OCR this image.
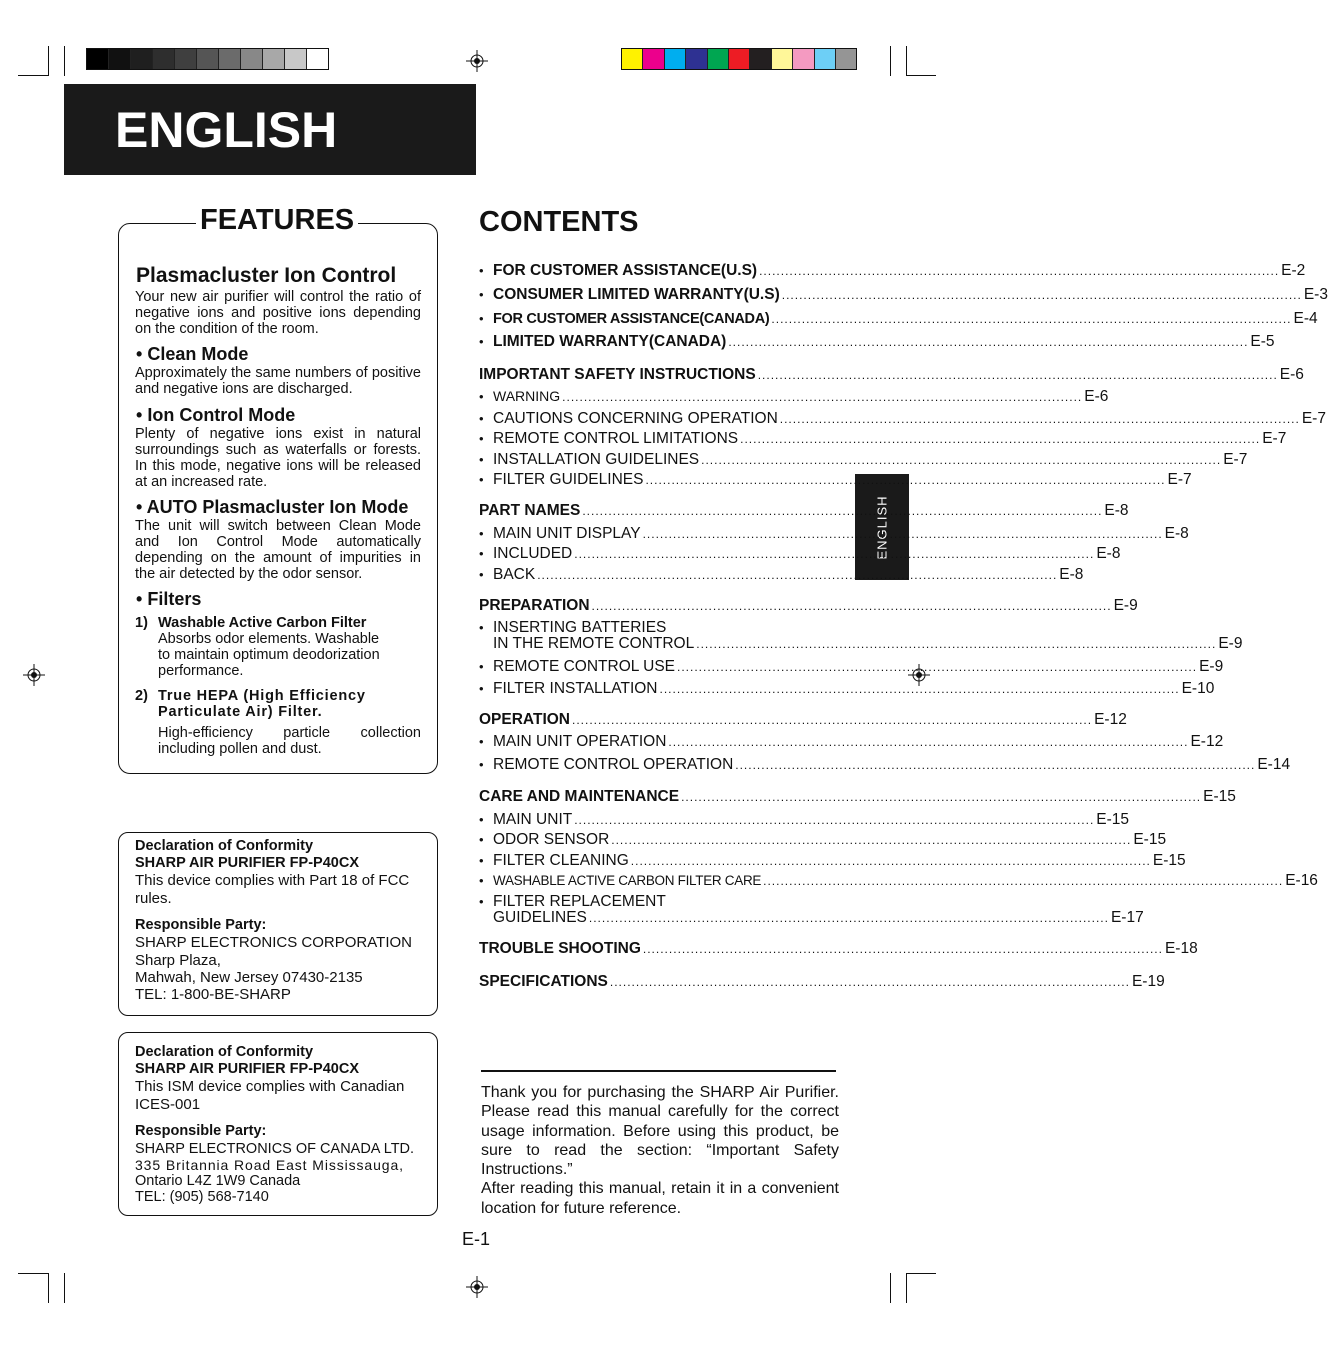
ENGLISH
ENGLISH
FEATURES
Plasmacluster Ion Control
Your new air purifier will control the ratio of negative ions and positive ions depending on the condition of the room.
• Clean Mode
Approximately the same numbers of positive and negative ions are discharged.
• Ion Control Mode
Plenty of negative ions exist in natural surroundings such as waterfalls or forests. In this mode, negative ions will be released at an increased rate.
• AUTO Plasmacluster Ion Mode
The unit will switch between Clean Mode and Ion Control Mode automatically depending on the amount of impurities in the air detected by the odor sensor.
• Filters
1) Washable Active Carbon Filter
Absorbs odor elements. Washable to maintain optimum deodorization performance.
2) True HEPA (High Efficiency Particulate Air) Filter.
High-efficiency particle collection including pollen and dust.
CONTENTS
• FOR CUSTOMER ASSISTANCE(U.S) ........................................................................................................................ E-2
• CONSUMER LIMITED WARRANTY(U.S) ........................................................................................................................ E-3
• FOR CUSTOMER ASSISTANCE(CANADA) ........................................................................................................................ E-4
• LIMITED WARRANTY(CANADA) ........................................................................................................................ E-5
IMPORTANT SAFETY INSTRUCTIONS ........................................................................................................................ E-6
• WARNING ........................................................................................................................ E-6
• CAUTIONS CONCERNING OPERATION ........................................................................................................................ E-7
• REMOTE CONTROL LIMITATIONS ........................................................................................................................ E-7
• INSTALLATION GUIDELINES ........................................................................................................................ E-7
• FILTER GUIDELINES ........................................................................................................................ E-7
PART NAMES ........................................................................................................................ E-8
• MAIN UNIT DISPLAY ........................................................................................................................ E-8
• INCLUDED ........................................................................................................................ E-8
• BACK ........................................................................................................................ E-8
PREPARATION ........................................................................................................................ E-9
• INSERTING BATTERIES
IN THE REMOTE CONTROL ........................................................................................................................ E-9
• REMOTE CONTROL USE ........................................................................................................................ E-9
• FILTER INSTALLATION ........................................................................................................................ E-10
OPERATION ........................................................................................................................ E-12
• MAIN UNIT OPERATION ........................................................................................................................ E-12
• REMOTE CONTROL OPERATION ........................................................................................................................ E-14
CARE AND MAINTENANCE ........................................................................................................................ E-15
• MAIN UNIT ........................................................................................................................ E-15
• ODOR SENSOR ........................................................................................................................ E-15
• FILTER CLEANING ........................................................................................................................ E-15
• WASHABLE ACTIVE CARBON FILTER CARE ........................................................................................................................ E-16
• FILTER REPLACEMENT
GUIDELINES ........................................................................................................................ E-17
TROUBLE SHOOTING ........................................................................................................................ E-18
SPECIFICATIONS ........................................................................................................................ E-19
Declaration of Conformity
SHARP AIR PURIFIER FP-P40CX
This device complies with Part 18 of FCC
rules.
Responsible Party:
SHARP ELECTRONICS CORPORATION
Sharp Plaza,
Mahwah, New Jersey 07430-2135
TEL: 1-800-BE-SHARP
Declaration of Conformity
SHARP AIR PURIFIER FP-P40CX
This ISM device complies with Canadian
ICES-001
Responsible Party:
SHARP ELECTRONICS OF CANADA LTD.
335 Britannia Road East Mississauga,
Ontario L4Z 1W9 Canada
TEL: (905) 568-7140
Thank you for purchasing the SHARP Air Purifier. Please read this manual carefully for the correct usage information. Before using this product, be sure to read the section: “Important Safety Instructions.”
After reading this manual, retain it in a convenient location for future reference.
E-1
